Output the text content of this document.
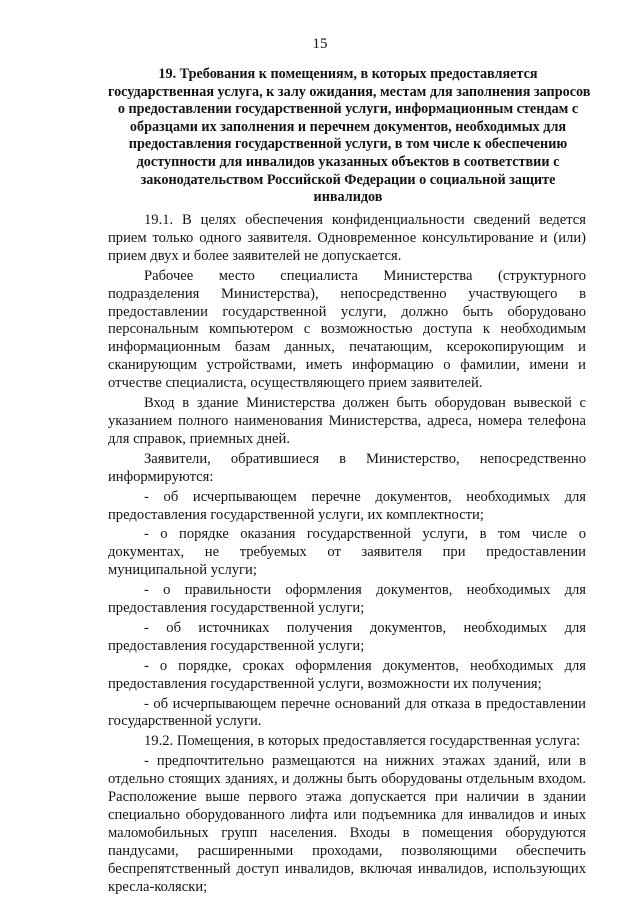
15
19. Требования к помещениям, в которых предоставляется
государственная услуга, к залу ожидания, местам для заполнения запросов
о предоставлении государственной услуги, информационным стендам с
образцами их заполнения и перечнем документов, необходимых для
предоставления государственной услуги, в том числе к обеспечению
доступности для инвалидов указанных объектов в соответствии с
законодательством Российской Федерации о социальной защите
инвалидов

19.1. В целях обеспечения конфиденциальности сведений ведется прием только одного заявителя. Одновременное консультирование и (или) прием двух и более заявителей не допускается.

Рабочее место специалиста Министерства (структурного подразделения Министерства), непосредственно участвующего в предоставлении государственной услуги, должно быть оборудовано персональным компьютером с возможностью доступа к необходимым информационным базам данных, печатающим, ксерокопирующим и сканирующим устройствами, иметь информацию о фамилии, имени и отчестве специалиста, осуществляющего прием заявителей.

Вход в здание Министерства должен быть оборудован вывеской с указанием полного наименования Министерства, адреса, номера телефона для справок, приемных дней.

Заявители, обратившиеся в Министерство, непосредственно информируются:

- об исчерпывающем перечне документов, необходимых для предоставления государственной услуги, их комплектности;

- о порядке оказания государственной услуги, в том числе о документах, не требуемых от заявителя при предоставлении муниципальной услуги;

- о правильности оформления документов, необходимых для предоставления государственной услуги;

- об источниках получения документов, необходимых для предоставления государственной услуги;

- о порядке, сроках оформления документов, необходимых для предоставления государственной услуги, возможности их получения;

- об исчерпывающем перечне оснований для отказа в предоставлении государственной услуги.

19.2. Помещения, в которых предоставляется государственная услуга:

- предпочтительно размещаются на нижних этажах зданий, или в отдельно стоящих зданиях, и должны быть оборудованы отдельным входом. Расположение выше первого этажа допускается при наличии в здании специально оборудованного лифта или подъемника для инвалидов и иных маломобильных групп населения. Входы в помещения оборудуются пандусами, расширенными проходами, позволяющими обеспечить беспрепятственный доступ инвалидов, включая инвалидов, использующих кресла-коляски;
